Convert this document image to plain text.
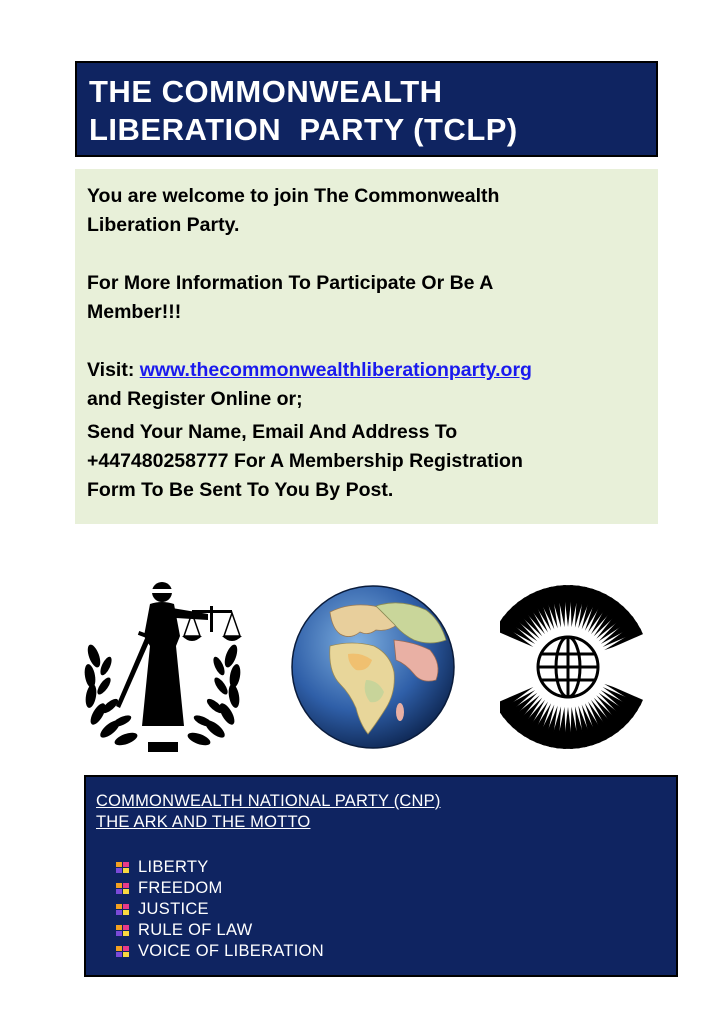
THE COMMONWEALTH
LIBERATION  PARTY (TCLP)

You are welcome to join The Commonwealth

Liberation Party.

For More Information To Participate Or Be A

Member!!!

Visit: www.thecommonwealthliberationparty.org

and Register Online or;

Send Your Name, Email And Address To

+447480258777 For A Membership Registration

Form To Be Sent To You By Post.

COMMONWEALTH NATIONAL PARTY (CNP)
THE ARK AND THE MOTTO
LIBERTY
FREEDOM
JUSTICE
RULE OF LAW
VOICE OF LIBERATION
